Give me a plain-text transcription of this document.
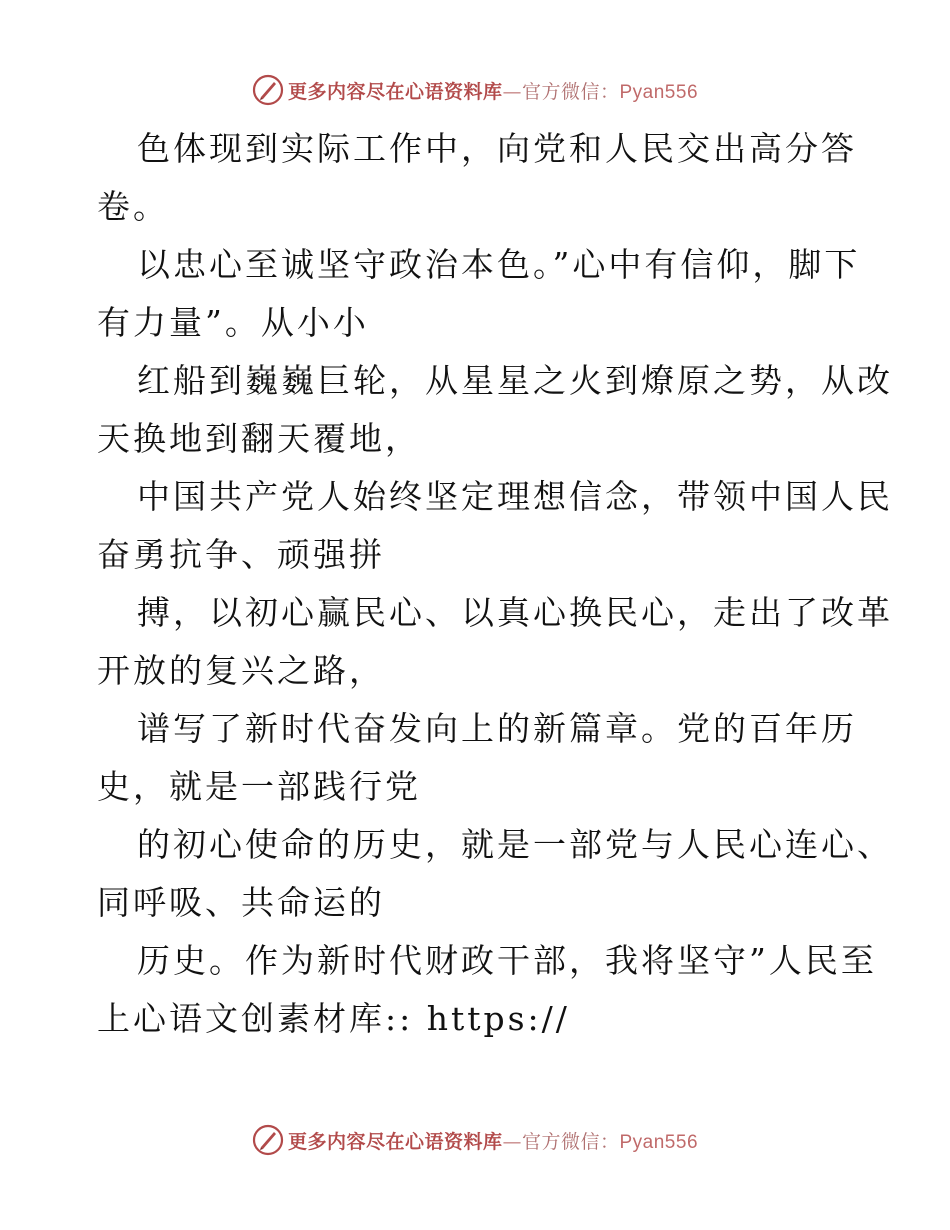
更多内容尽在心语资料库—官方微信：Pyan556
色体现到实际工作中，向党和人民交出高分答
卷。
以忠心至诚坚守政治本色。”心中有信仰，脚下
有力量”。从小小
红船到巍巍巨轮，从星星之火到燎原之势，从改
天换地到翻天覆地，
中国共产党人始终坚定理想信念，带领中国人民
奋勇抗争、顽强拼
搏，以初心赢民心、以真心换民心，走出了改革
开放的复兴之路，
谱写了新时代奋发向上的新篇章。党的百年历
史，就是一部践行党
的初心使命的历史，就是一部党与人民心连心、
同呼吸、共命运的
历史。作为新时代财政干部，我将坚守”人民至
上心语文创素材库:: https://
更多内容尽在心语资料库—官方微信：Pyan556
